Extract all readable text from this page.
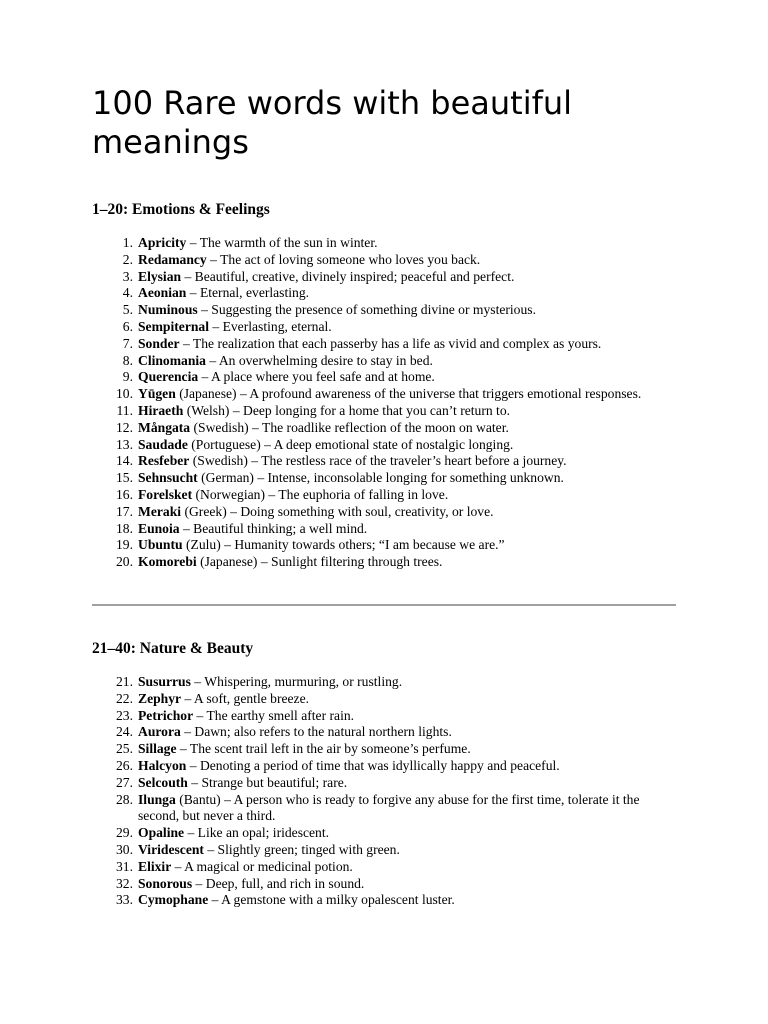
100 Rare words with beautiful meanings
1–20: Emotions & Feelings
1. Apricity – The warmth of the sun in winter.
2. Redamancy – The act of loving someone who loves you back.
3. Elysian – Beautiful, creative, divinely inspired; peaceful and perfect.
4. Aeonian – Eternal, everlasting.
5. Numinous – Suggesting the presence of something divine or mysterious.
6. Sempiternal – Everlasting, eternal.
7. Sonder – The realization that each passerby has a life as vivid and complex as yours.
8. Clinomania – An overwhelming desire to stay in bed.
9. Querencia – A place where you feel safe and at home.
10. Yūgen (Japanese) – A profound awareness of the universe that triggers emotional responses.
11. Hiraeth (Welsh) – Deep longing for a home that you can’t return to.
12. Mångata (Swedish) – The roadlike reflection of the moon on water.
13. Saudade (Portuguese) – A deep emotional state of nostalgic longing.
14. Resfeber (Swedish) – The restless race of the traveler’s heart before a journey.
15. Sehnsucht (German) – Intense, inconsolable longing for something unknown.
16. Forelsket (Norwegian) – The euphoria of falling in love.
17. Meraki (Greek) – Doing something with soul, creativity, or love.
18. Eunoia – Beautiful thinking; a well mind.
19. Ubuntu (Zulu) – Humanity towards others; “I am because we are.”
20. Komorebi (Japanese) – Sunlight filtering through trees.
21–40: Nature & Beauty
21. Susurrus – Whispering, murmuring, or rustling.
22. Zephyr – A soft, gentle breeze.
23. Petrichor – The earthy smell after rain.
24. Aurora – Dawn; also refers to the natural northern lights.
25. Sillage – The scent trail left in the air by someone’s perfume.
26. Halcyon – Denoting a period of time that was idyllically happy and peaceful.
27. Selcouth – Strange but beautiful; rare.
28. Ilunga (Bantu) – A person who is ready to forgive any abuse for the first time, tolerate it the second, but never a third.
29. Opaline – Like an opal; iridescent.
30. Viridescent – Slightly green; tinged with green.
31. Elixir – A magical or medicinal potion.
32. Sonorous – Deep, full, and rich in sound.
33. Cymophane – A gemstone with a milky opalescent luster.
